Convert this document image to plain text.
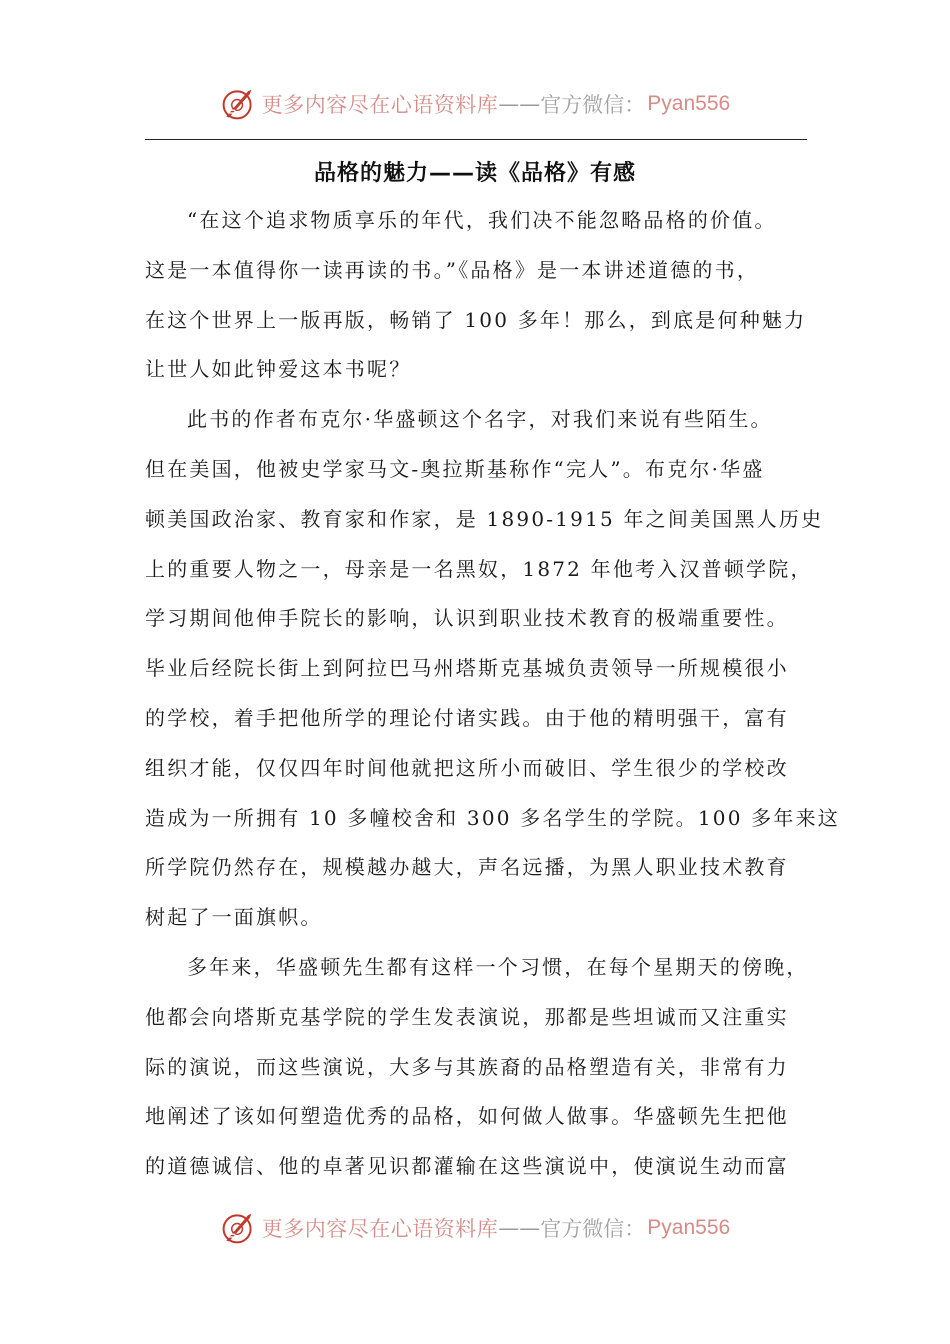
更多内容尽在心语资料库 —— 官方微信： Pyan556
品格的魅力——读《品格》有感
“在这个追求物质享乐的年代，我们决不能忽略品格的价值。
这是一本值得你一读再读的书。”《品格》是一本讲述道德的书，
在这个世界上一版再版，畅销了 100 多年！那么，到底是何种魅力
让世人如此钟爱这本书呢？
此书的作者布克尔·华盛顿这个名字，对我们来说有些陌生。
但在美国，他被史学家马文-奥拉斯基称作“完人”。布克尔·华盛
顿美国政治家、教育家和作家，是 1890-1915 年之间美国黑人历史
上的重要人物之一，母亲是一名黑奴，1872 年他考入汉普顿学院，
学习期间他伸手院长的影响，认识到职业技术教育的极端重要性。
毕业后经院长街上到阿拉巴马州塔斯克基城负责领导一所规模很小
的学校，着手把他所学的理论付诸实践。由于他的精明强干，富有
组织才能，仅仅四年时间他就把这所小而破旧、学生很少的学校改
造成为一所拥有 10 多幢校舍和 300 多名学生的学院。100 多年来这
所学院仍然存在，规模越办越大，声名远播，为黑人职业技术教育
树起了一面旗帜。
多年来，华盛顿先生都有这样一个习惯，在每个星期天的傍晚，
他都会向塔斯克基学院的学生发表演说，那都是些坦诚而又注重实
际的演说，而这些演说，大多与其族裔的品格塑造有关，非常有力
地阐述了该如何塑造优秀的品格，如何做人做事。华盛顿先生把他
的道德诚信、他的卓著见识都灌输在这些演说中，使演说生动而富
更多内容尽在心语资料库 —— 官方微信： Pyan556
